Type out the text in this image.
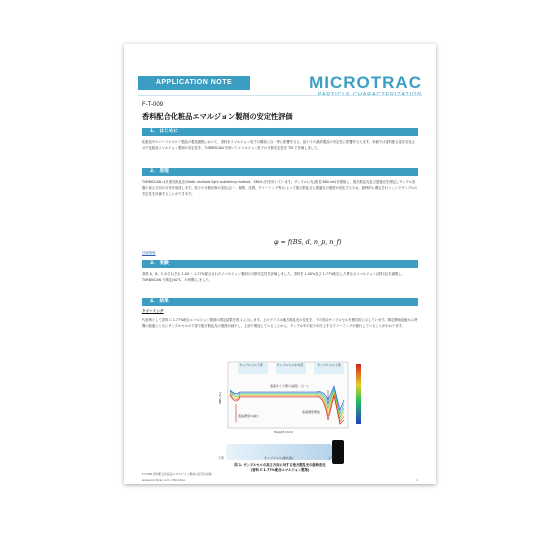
APPLICATION NOTE	MICROTRAC
F-T-009
香料配合化粧品エマルジョン製剤の安定性評価
1.　はじめに
化粧品中のパーソナルケア製品の製造過程において、香料をエマルジョン粒子の構造に合一等に影響を与え、結いての最終製品の安定性に影響を与えます。本稿では香料配合量を変化させた化粧品エマルジョン製剤の安定性を、TURBISCAN を用いてエマルジョン粒子の分散安定性を TSI で評価しました。
2.　原理
TURBISCAN は多重光散乱法(Static multiple light scattering method、SMLS 法)を用いています。サンプルに光(波長 880 nm)を照射し、後方散乱光及び透過光を測定しサンプル容器の高さ方向の分布を取得します。粒子の分散状態の変化(合一、凝集、沈降、クリーミング等)によって後方散乱光と透過光の強度が変化するため、経時的に測定を行うことでサンプルの安定性を評価することができます。
φ = f(BS, d, n_p, n_f)
詳細情報
3.　実験
香料 A、B、C がそれぞれ 1.00 ～ 1.77%配合されたエマルジョン製剤の分散安定性を評価しました。香料を 1.00%及び 1.77%配合した異なるエマルジョン(試料名)を調製し、TURBISCAN で測定(40℃、3 時間)しました。
4.　結果
クリーミング
代表例として香料 C 1.77%配合エマルジョン製剤の測定結果を図 1 に示します。上のグラフは後方散乱光の変化を、下の図はサンプルセルを模式的に示しています。測定開始直後から時間の経過とともにサンプルセルの下部で後方散乱光の強度が減少し、上部で増加していることから、サンプル中の粒子が浮上するクリーミングが進行していることがわかります。
ΔBS (%)
Height (mm)
サンプルセル下部	サンプルセル中央部	サンプルセル上部
液滴サイズ増大(凝集・合一)
液滴濃度の減少
液滴濃度増加
下部	サンプルセル(模式図)	上部
図 1. サンプルセルの高さ方向に対する後方散乱光の経時変化
(香料 C 1.77%配合エマルジョン製剤)
F-T-009 香料配合化粧品エマルジョン製剤の安定性評価
www.microtrac.com / Microtrac	1
